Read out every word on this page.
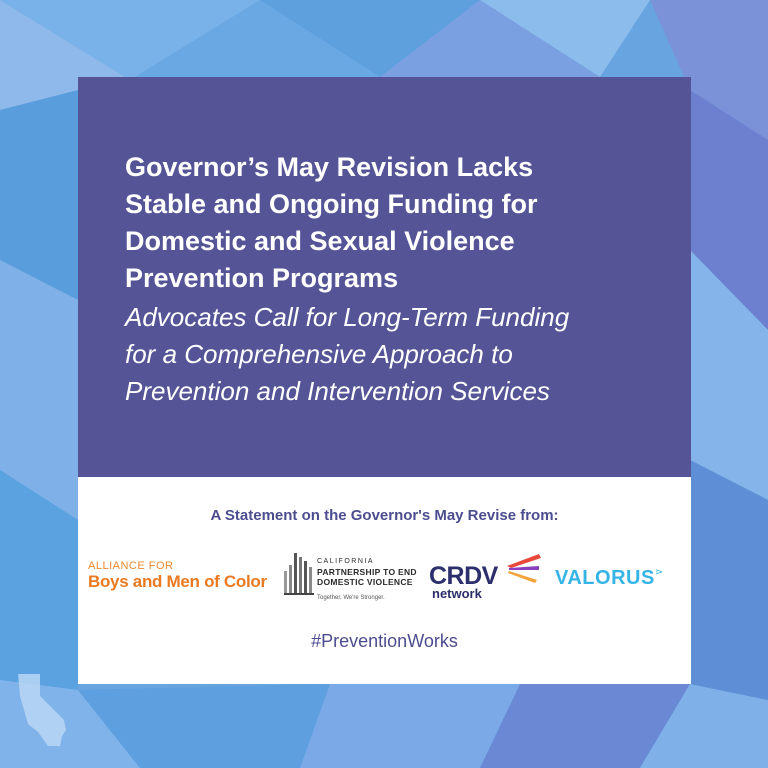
Governor’s May Revision Lacks
Stable and Ongoing Funding for
Domestic and Sexual Violence
Prevention Programs
Advocates Call for Long-Term Funding
for a Comprehensive Approach to
Prevention and Intervention Services
A Statement on the Governor's May Revise from:
ALLIANCE FOR
Boys and Men of Color
CALIFORNIA
PARTNERSHIP TO END
DOMESTIC VIOLENCE
Together, We're Stronger.
CRDV
network
VALORUS⋗
#PreventionWorks
